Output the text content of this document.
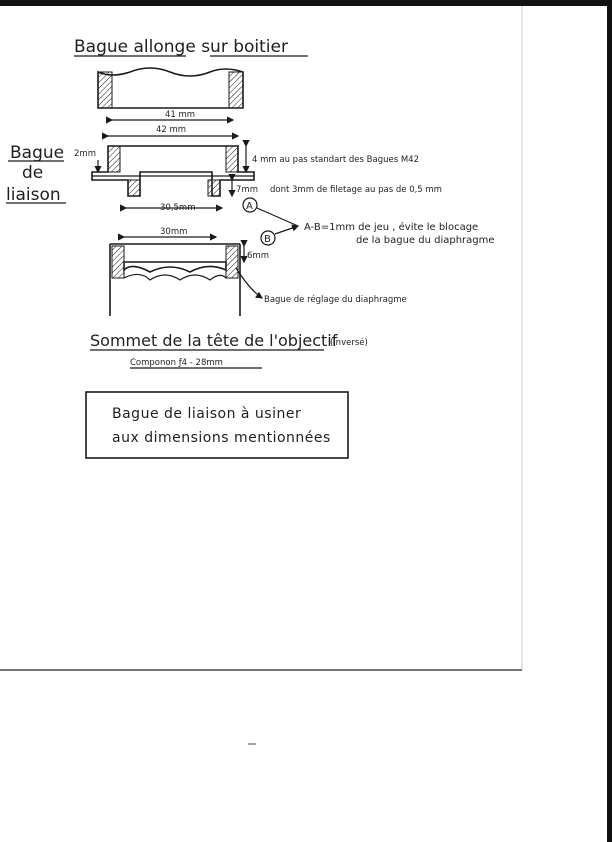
Bague allonge sur boitier
Bague
de
liaison
41 mm
42 mm
2mm
4 mm au pas standart des Bagues M42
7mm dont 3mm de filetage au pas de 0,5 mm
30,5mm	A
B
A-B=1mm de jeu , évite le blocage
de la bague du diaphragme
30mm
6mm
Bague de réglage du diaphragme
Sommet de la tête de l'objectif
(inversé)
Componon ƒ4 - 28mm
Bague de liaison à usiner
aux dimensions mentionnées
